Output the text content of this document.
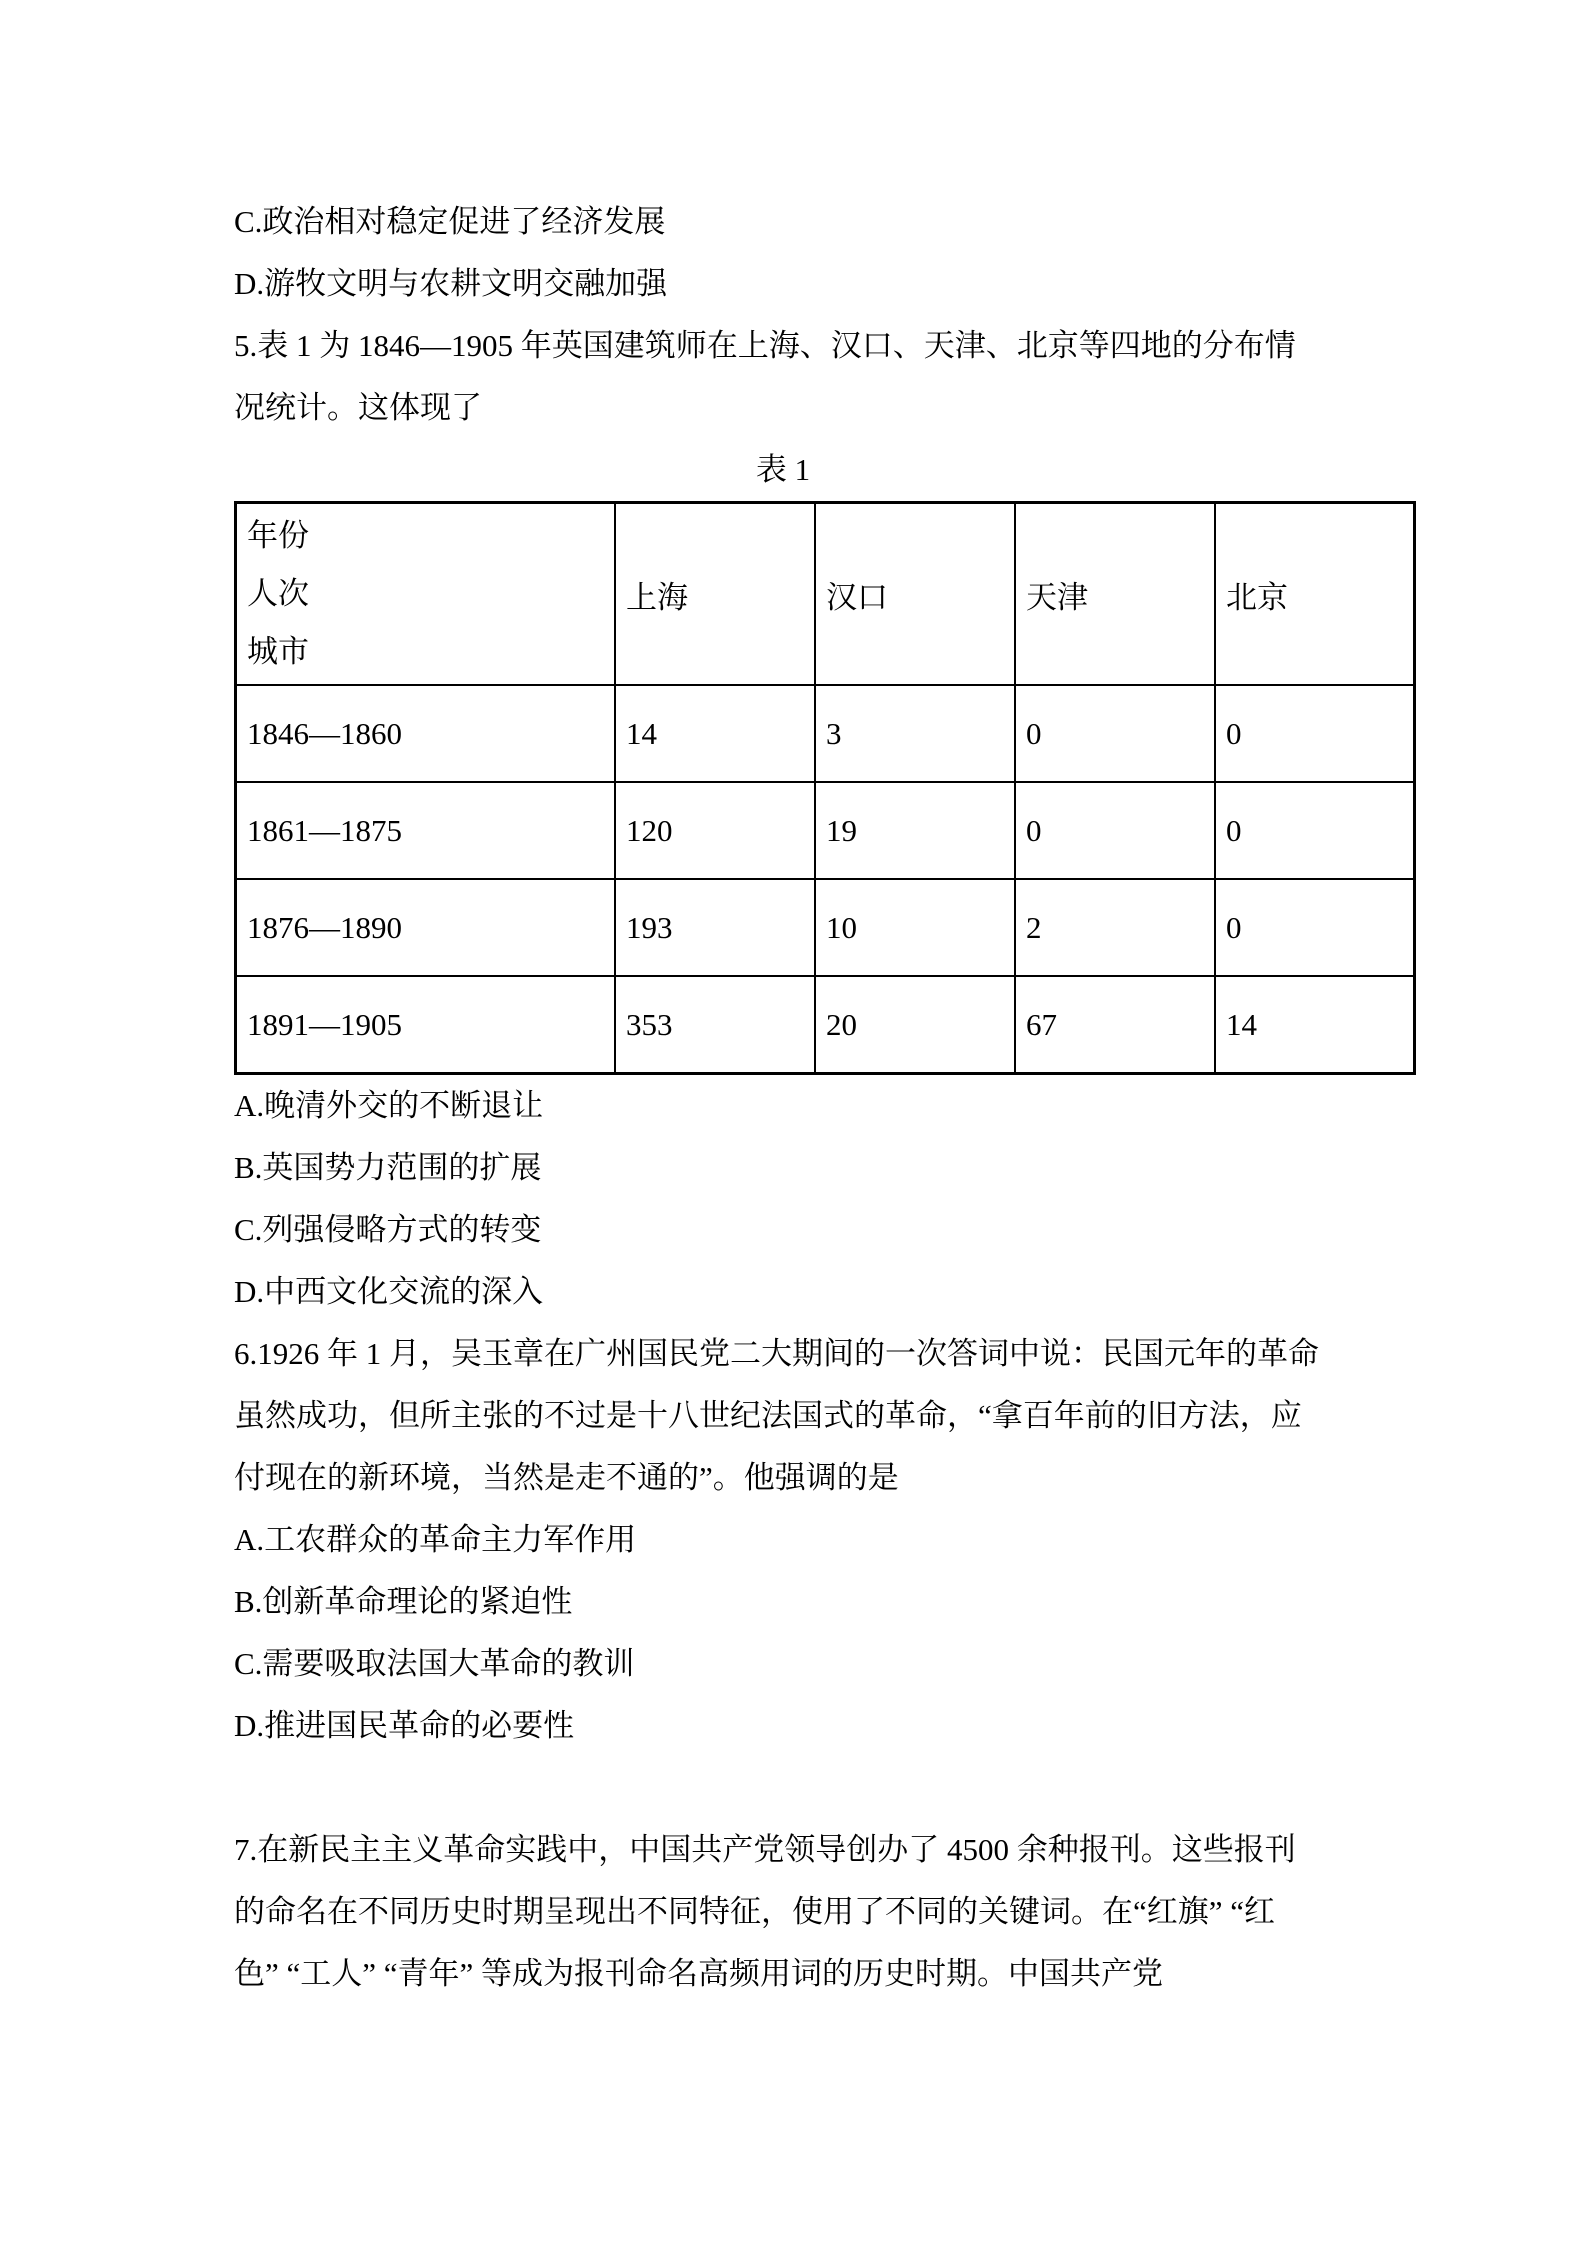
C.政治相对稳定促进了经济发展
D.游牧文明与农耕文明交融加强
5.表 1 为 1846—1905 年英国建筑师在上海、汉口、天津、北京等四地的分布情
况统计。这体现了
表 1
年份
人次
城市	上海	汉口	天津	北京
1846—1860	14	3	0	0
1861—1875	120	19	0	0
1876—1890	193	10	2	0
1891—1905	353	20	67	14
A.晚清外交的不断退让
B.英国势力范围的扩展
C.列强侵略方式的转变
D.中西文化交流的深入
6.1926 年 1 月，吴玉章在广州国民党二大期间的一次答词中说：民国元年的革命
虽然成功，但所主张的不过是十八世纪法国式的革命，“拿百年前的旧方法，应
付现在的新环境，当然是走不通的”。他强调的是
A.工农群众的革命主力军作用
B.创新革命理论的紧迫性
C.需要吸取法国大革命的教训
D.推进国民革命的必要性
7.在新民主主义革命实践中，中国共产党领导创办了 4500 余种报刊。这些报刊
的命名在不同历史时期呈现出不同特征，使用了不同的关键词。在“红旗” “红
色” “工人” “青年” 等成为报刊命名高频用词的历史时期。中国共产党
